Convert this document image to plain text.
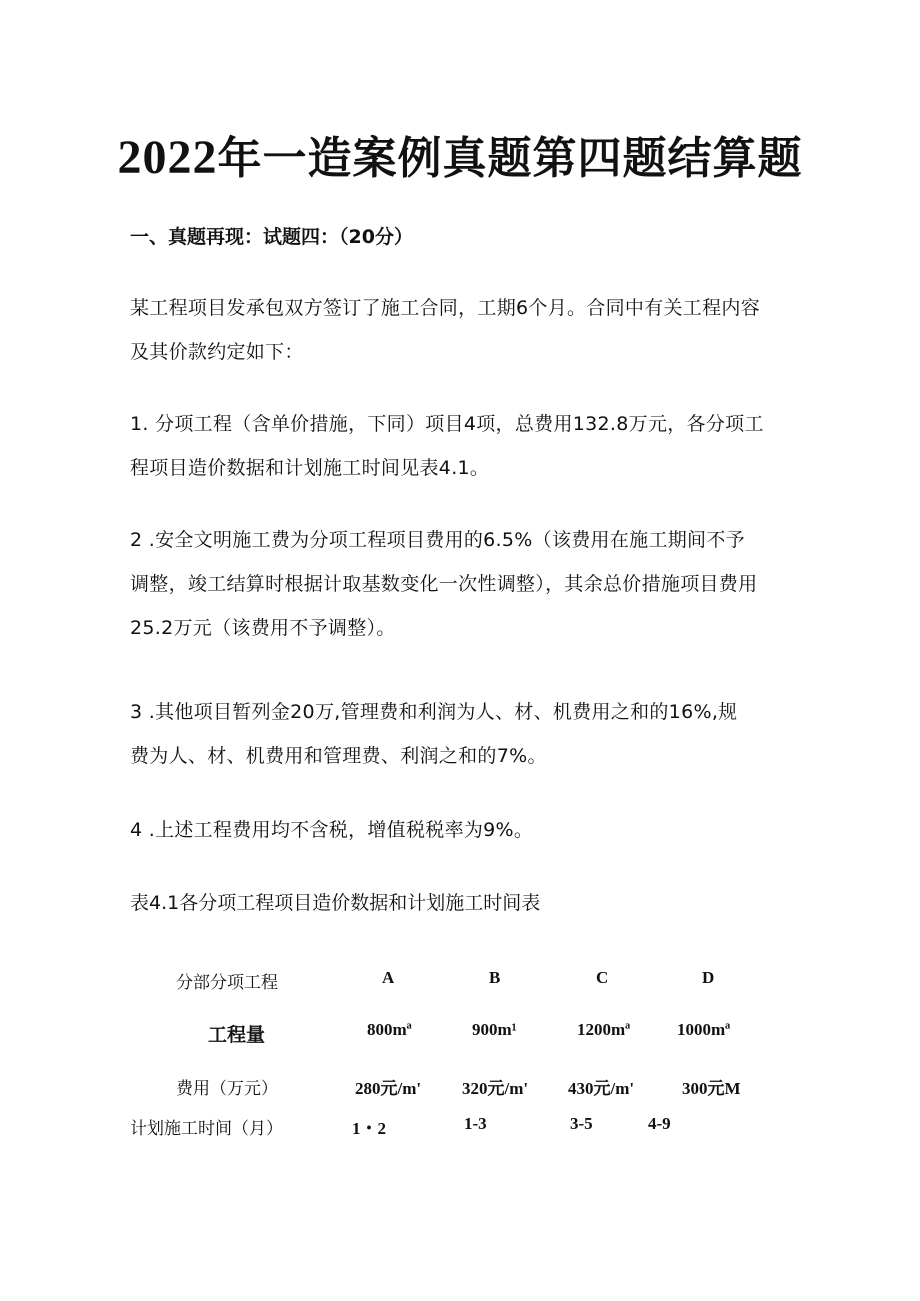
2022年一造案例真题第四题结算题
一、真题再现：试题四：（20分）
某工程项目发承包双方签订了施工合同，工期6个月。合同中有关工程内容
及其价款约定如下：
1. 分项工程（含单价措施，下同）项目4项，总费用132.8万元，各分项工
程项目造价数据和计划施工时间见表4.1。
2 .安全文明施工费为分项工程项目费用的6.5%（该费用在施工期间不予
调整，竣工结算时根据计取基数变化一次性调整），其余总价措施项目费用
25.2万元（该费用不予调整）。
3 .其他项目暂列金20万,管理费和利润为人、材、机费用之和的16%,规
费为人、材、机费用和管理费、利润之和的7%。
4 .上述工程费用均不含税，增值税税率为9%。
表4.1各分项工程项目造价数据和计划施工时间表
分部分项工程	A	B	C	D
工程量	800mª	900m¹	1200mª	1000mª
费用（万元）	280元/m' 320元/m' 430元/m'	300元M
计划施工时间（月）	1・2	1-3	3-5	4-9
